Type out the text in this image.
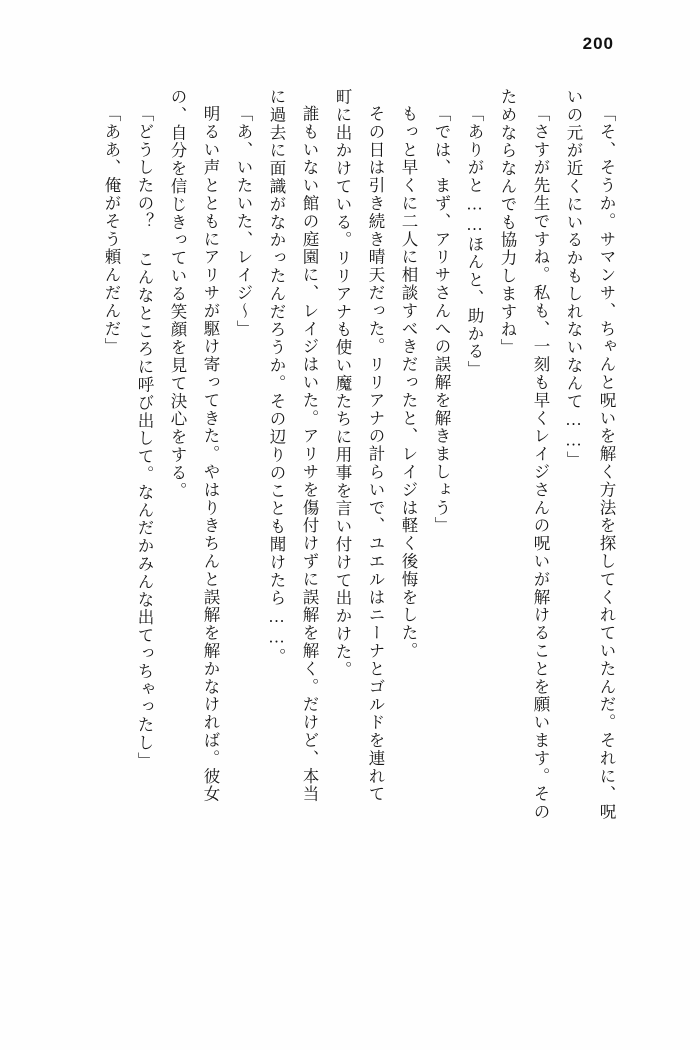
200
「そ、そうか。サマンサ、ちゃんと呪いを解く方法を探してくれていたんだ。それに、呪
いの元が近くにいるかもしれないなんて……」
「さすが先生ですね。私も、一刻も早くレイジさんの呪いが解けることを願います。その
ためならなんでも協力しますね」
「ありがと……ほんと、助かる」
「では、まず、アリサさんへの誤解を解きましょう」
もっと早くに二人に相談すべきだったと、レイジは軽く後悔をした。
その日は引き続き晴天だった。リリアナの計らいで、ユエルはニーナとゴルドを連れて
町に出かけている。リリアナも使い魔たちに用事を言い付けて出かけた。
誰もいない館の庭園に、レイジはいた。アリサを傷付けずに誤解を解く。だけど、本当
に過去に面識がなかったんだろうか。その辺りのことも聞けたら……。
「あ、いたいた、レイジ～」
明るい声とともにアリサが駆け寄ってきた。やはりきちんと誤解を解かなければ。彼女
の、自分を信じきっている笑顔を見て決心をする。
「どうしたの？ こんなところに呼び出して。なんだかみんな出てっちゃったし」
「ああ、俺がそう頼んだんだ」
